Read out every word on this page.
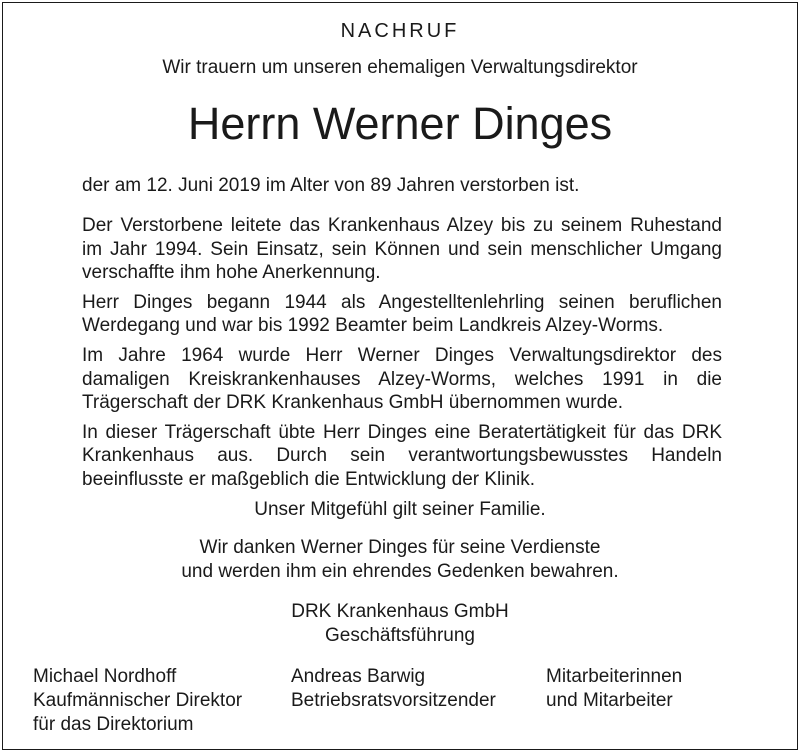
NACHRUF
Wir trauern um unseren ehemaligen Verwaltungsdirektor
Herrn Werner Dinges
der am 12. Juni 2019 im Alter von 89 Jahren verstorben ist.

Der Verstorbene leitete das Krankenhaus Alzey bis zu seinem Ruhestand im Jahr 1994. Sein Einsatz, sein Können und sein menschlicher Umgang verschaffte ihm hohe Anerkennung.

Herr Dinges begann 1944 als Angestelltenlehrling seinen beruflichen Werdegang und war bis 1992 Beamter beim Landkreis Alzey-Worms.

Im Jahre 1964 wurde Herr Werner Dinges Verwaltungsdirektor des damaligen Kreiskrankenhauses Alzey-Worms, welches 1991 in die Trägerschaft der DRK Krankenhaus GmbH übernommen wurde.

In dieser Trägerschaft übte Herr Dinges eine Beratertätigkeit für das DRK Krankenhaus aus. Durch sein verantwortungsbewusstes Handeln beeinflusste er maßgeblich die Entwicklung der Klinik.

Unser Mitgefühl gilt seiner Familie.
Wir danken Werner Dinges für seine Verdienste
und werden ihm ein ehrendes Gedenken bewahren.
DRK Krankenhaus GmbH
Geschäftsführung
Michael Nordhoff
Kaufmännischer Direktor
für das Direktorium
Andreas Barwig
Betriebsratsvorsitzender
Mitarbeiterinnen
und Mitarbeiter
